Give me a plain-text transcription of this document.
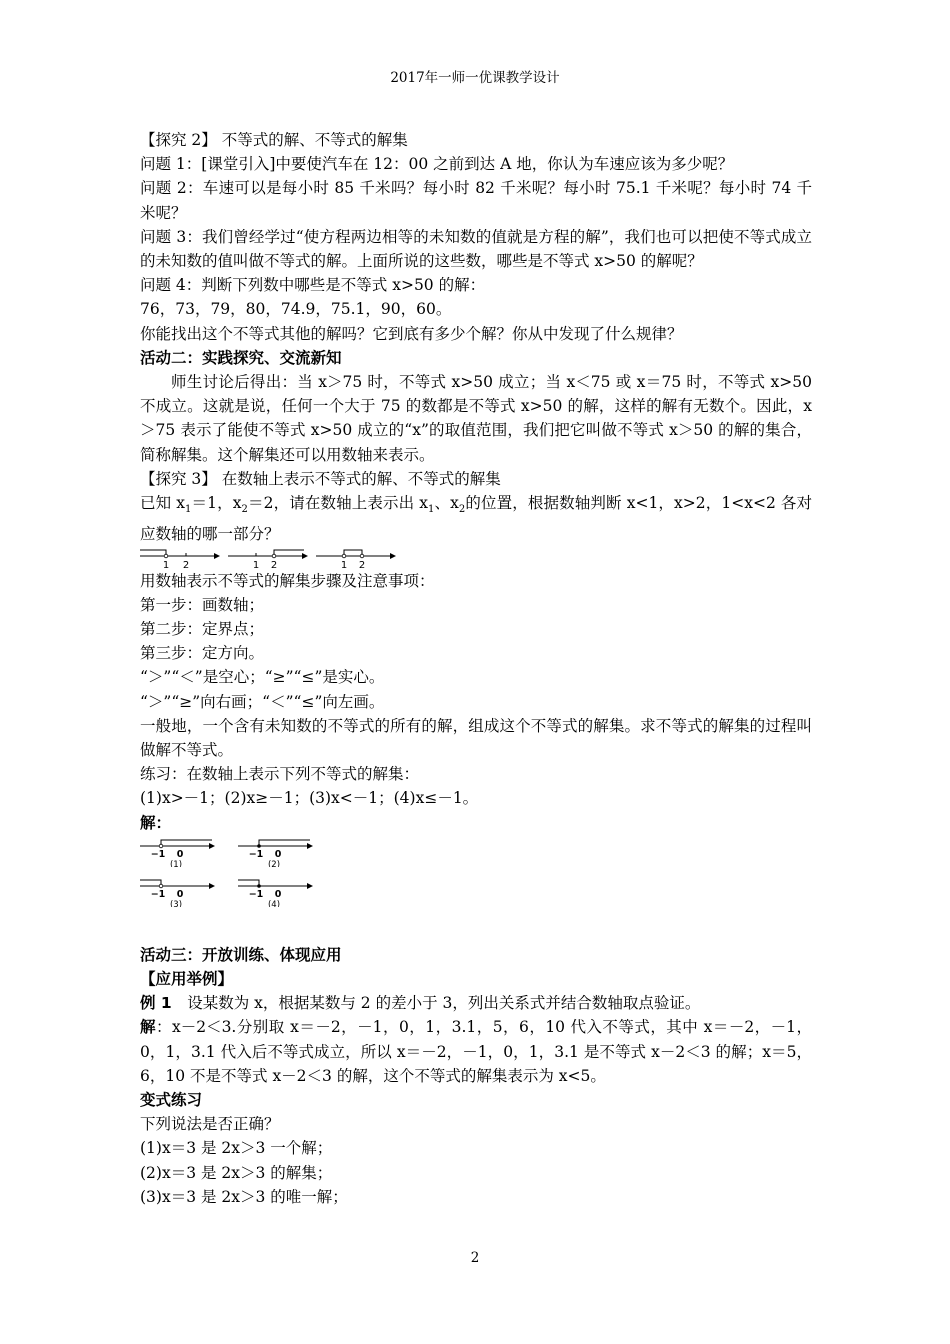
2017年一师一优课教学设计

【探究 2】 不等式的解、不等式的解集

问题 1：[课堂引入]中要使汽车在 12：00 之前到达 A 地，你认为车速应该为多少呢？

问题 2：车速可以是每小时 85 千米吗？每小时 82 千米呢？每小时 75.1 千米呢？每小时 74 千米呢？

问题 3：我们曾经学过“使方程两边相等的未知数的值就是方程的解”，我们也可以把使不等式成立的未知数的值叫做不等式的解。上面所说的这些数，哪些是不等式 x>50 的解呢？

问题 4：判断下列数中哪些是不等式 x>50 的解：

76，73，79，80，74.9，75.1，90，60。

你能找出这个不等式其他的解吗？它到底有多少个解？你从中发现了什么规律？

活动二：实践探究、交流新知

师生讨论后得出：当 x＞75 时，不等式 x>50 成立；当 x＜75 或 x＝75 时，不等式 x>50 不成立。这就是说，任何一个大于 75 的数都是不等式 x>50 的解，这样的解有无数个。因此，x＞75 表示了能使不等式 x>50 成立的“x”的取值范围，我们把它叫做不等式 x＞50 的解的集合，简称解集。这个解集还可以用数轴来表示。

【探究 3】 在数轴上表示不等式的解、不等式的解集

已知 $x_1=1$，$x_2=2$，请在数轴上表示出 $x_1$、$x_2$的位置，根据数轴判断 x<1，x>2，1<x<2 各对应数轴的哪一部分？

1 2	1 2	1 2

用数轴表示不等式的解集步骤及注意事项：

第一步：画数轴；

第二步：定界点；

第三步：定方向。

“＞”“＜”是空心；“≥”“≤”是实心。

“＞”“≥”向右画；“＜”“≤”向左画。

一般地，一个含有未知数的不等式的所有的解，组成这个不等式的解集。求不等式的解集的过程叫做解不等式。

练习：在数轴上表示下列不等式的解集：

(1)x>－1；(2)x≥－1；(3)x<－1；(4)x≤－1。

解：

−1 0
(1)
−1 0
(2)
−1 0
(3)
−1 0
(4)

活动三：开放训练、体现应用

【应用举例】

例 1　设某数为 x，根据某数与 2 的差小于 3，列出关系式并结合数轴取点验证。

解：x－2＜3.分别取 x＝－2，－1，0，1，3.1，5，6，10 代入不等式，其中 x＝－2，－1，0，1，3.1 代入后不等式成立，所以 x＝－2，－1，0，1，3.1 是不等式 x－2＜3 的解；x＝5，6，10 不是不等式 x－2＜3 的解，这个不等式的解集表示为 x<5。

变式练习

下列说法是否正确？

(1)x＝3 是 2x＞3 一个解；

(2)x＝3 是 2x＞3 的解集；

(3)x＝3 是 2x＞3 的唯一解；

2
